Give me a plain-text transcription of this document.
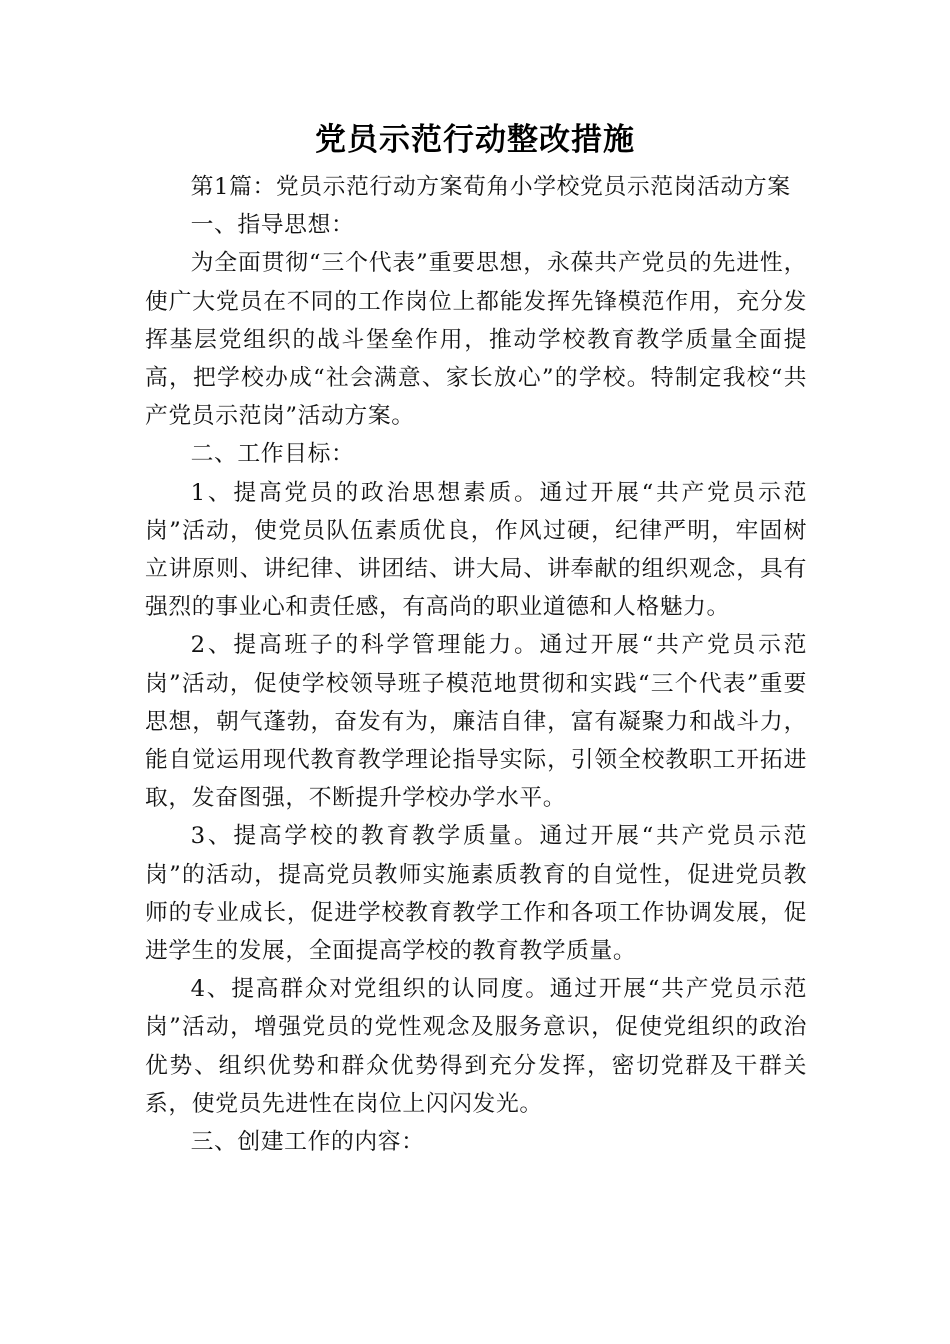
党员示范行动整改措施

第1篇：党员示范行动方案荀角小学校党员示范岗活动方案

一、指导思想：

为全面贯彻“三个代表”重要思想，永葆共产党员的先进性，使广大党员在不同的工作岗位上都能发挥先锋模范作用，充分发挥基层党组织的战斗堡垒作用，推动学校教育教学质量全面提高，把学校办成“社会满意、家长放心”的学校。特制定我校“共产党员示范岗”活动方案。

二、工作目标：

1、提高党员的政治思想素质。通过开展“共产党员示范岗”活动，使党员队伍素质优良，作风过硬，纪律严明，牢固树立讲原则、讲纪律、讲团结、讲大局、讲奉献的组织观念，具有强烈的事业心和责任感，有高尚的职业道德和人格魅力。

2、提高班子的科学管理能力。通过开展“共产党员示范岗”活动，促使学校领导班子模范地贯彻和实践“三个代表”重要思想，朝气蓬勃，奋发有为，廉洁自律，富有凝聚力和战斗力，能自觉运用现代教育教学理论指导实际，引领全校教职工开拓进取，发奋图强，不断提升学校办学水平。

3、提高学校的教育教学质量。通过开展“共产党员示范岗”的活动，提高党员教师实施素质教育的自觉性，促进党员教师的专业成长，促进学校教育教学工作和各项工作协调发展，促进学生的发展，全面提高学校的教育教学质量。

4、提高群众对党组织的认同度。通过开展“共产党员示范岗”活动，增强党员的党性观念及服务意识，促使党组织的政治优势、组织优势和群众优势得到充分发挥，密切党群及干群关系，使党员先进性在岗位上闪闪发光。

三、创建工作的内容：
